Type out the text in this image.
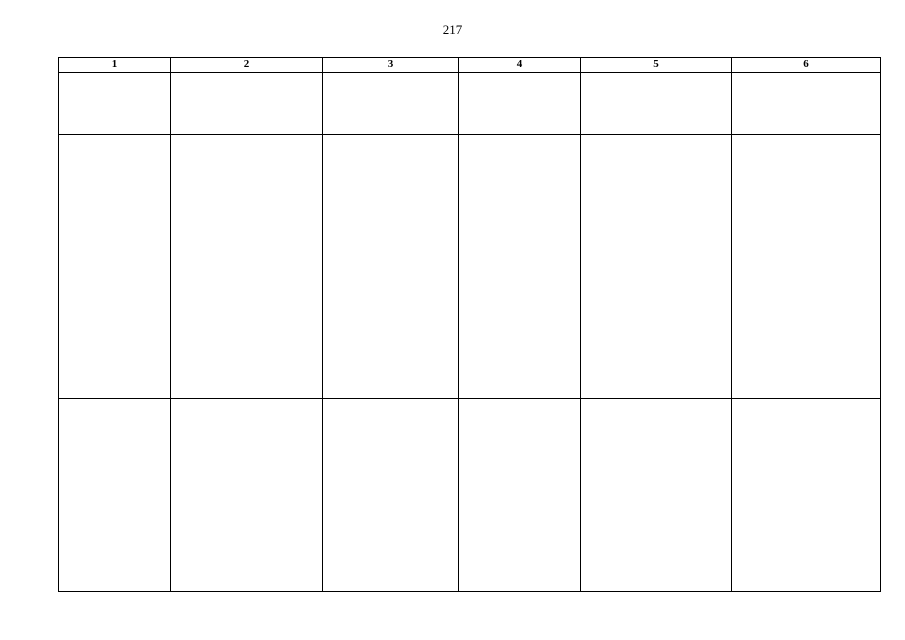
217
1	2	3	4	5	6
